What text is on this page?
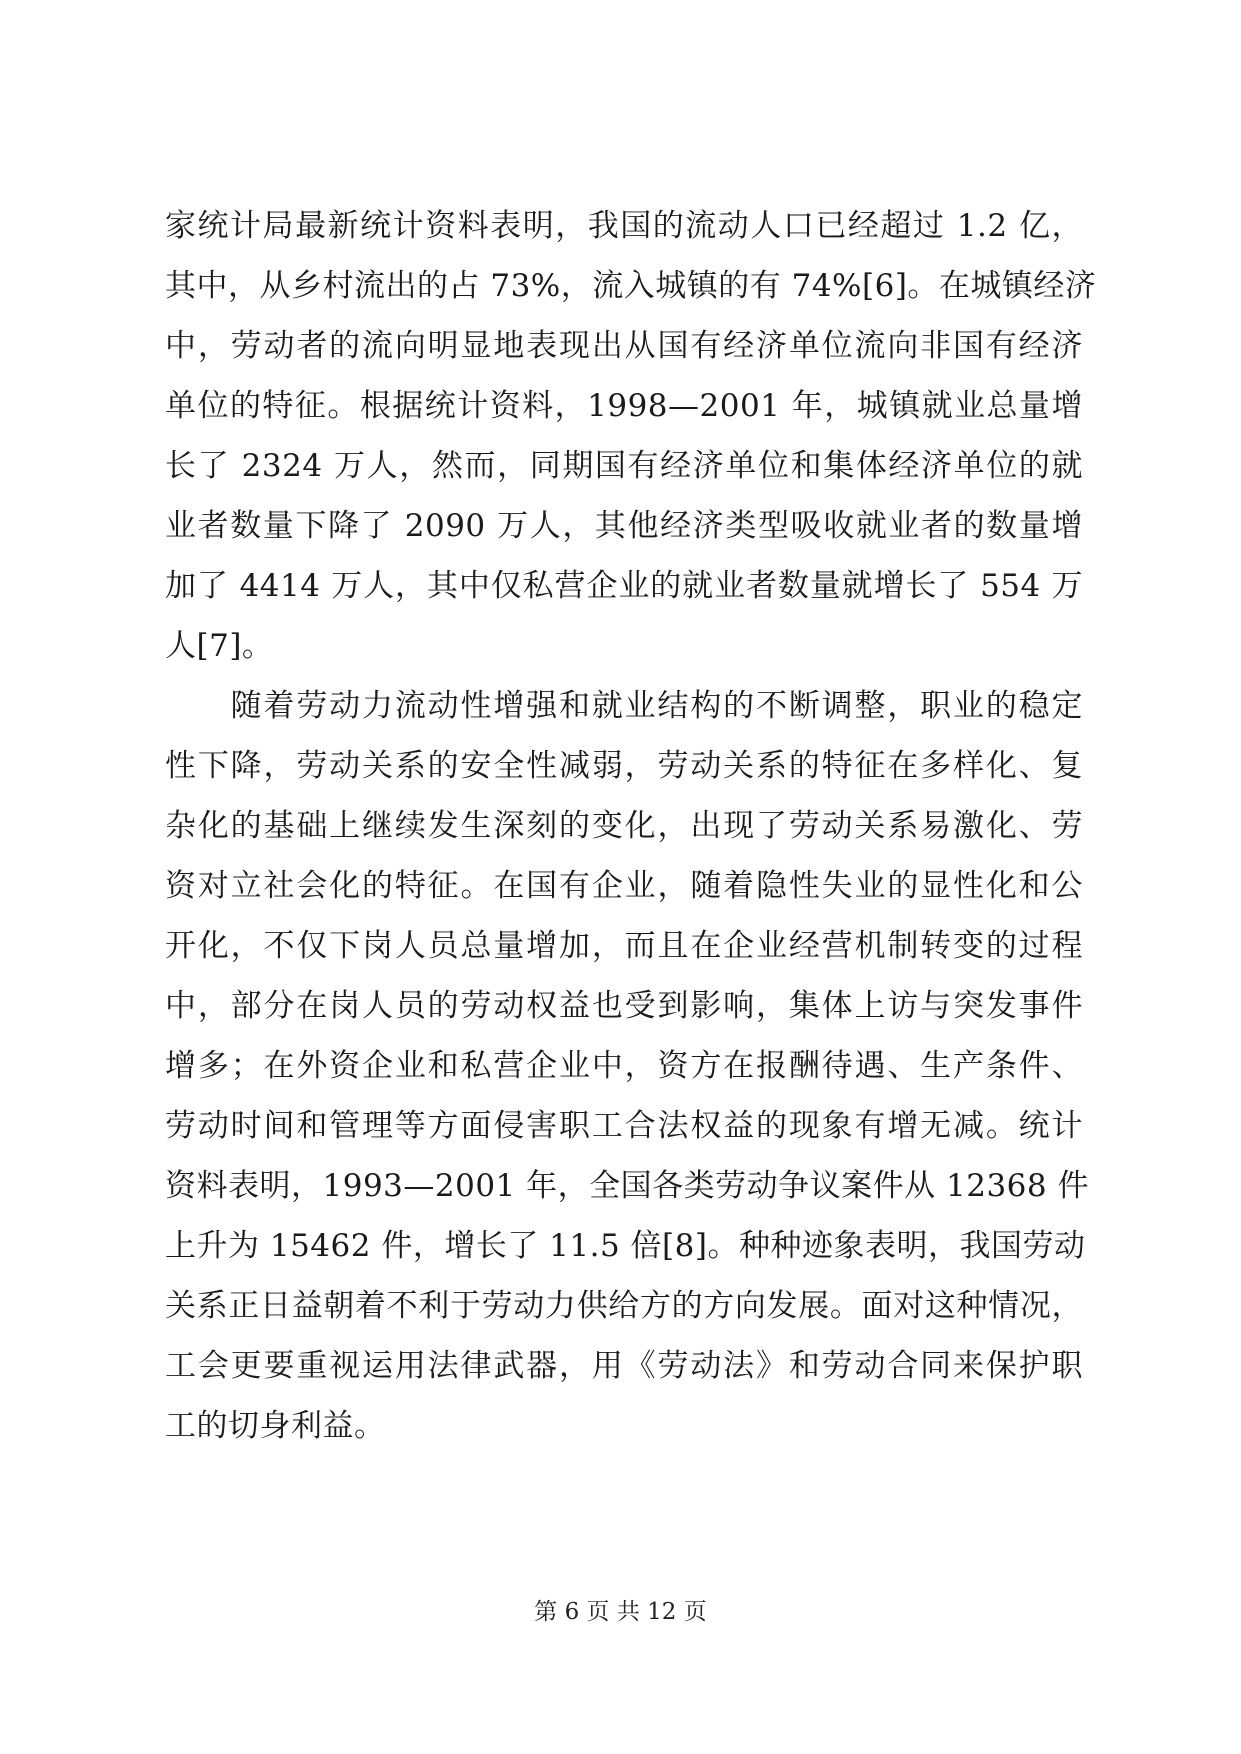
家统计局最新统计资料表明，我国的流动人口已经超过 1.2 亿，
其中，从乡村流出的占 73%，流入城镇的有 74%[6]。在城镇经济
中，劳动者的流向明显地表现出从国有经济单位流向非国有经济
单位的特征。根据统计资料，1998—2001 年，城镇就业总量增
长了 2324 万人，然而，同期国有经济单位和集体经济单位的就
业者数量下降了 2090 万人，其他经济类型吸收就业者的数量增
加了 4414 万人，其中仅私营企业的就业者数量就增长了 554 万
人[7]。
　　随着劳动力流动性增强和就业结构的不断调整，职业的稳定
性下降，劳动关系的安全性减弱，劳动关系的特征在多样化、复
杂化的基础上继续发生深刻的变化，出现了劳动关系易激化、劳
资对立社会化的特征。在国有企业，随着隐性失业的显性化和公
开化，不仅下岗人员总量增加，而且在企业经营机制转变的过程
中，部分在岗人员的劳动权益也受到影响，集体上访与突发事件
增多；在外资企业和私营企业中，资方在报酬待遇、生产条件、
劳动时间和管理等方面侵害职工合法权益的现象有增无减。统计
资料表明，1993—2001 年，全国各类劳动争议案件从 12368 件
上升为 15462 件，增长了 11.5 倍[8]。种种迹象表明，我国劳动
关系正日益朝着不利于劳动力供给方的方向发展。面对这种情况，
工会更要重视运用法律武器，用《劳动法》和劳动合同来保护职
工的切身利益。
第 6 页 共 12 页
